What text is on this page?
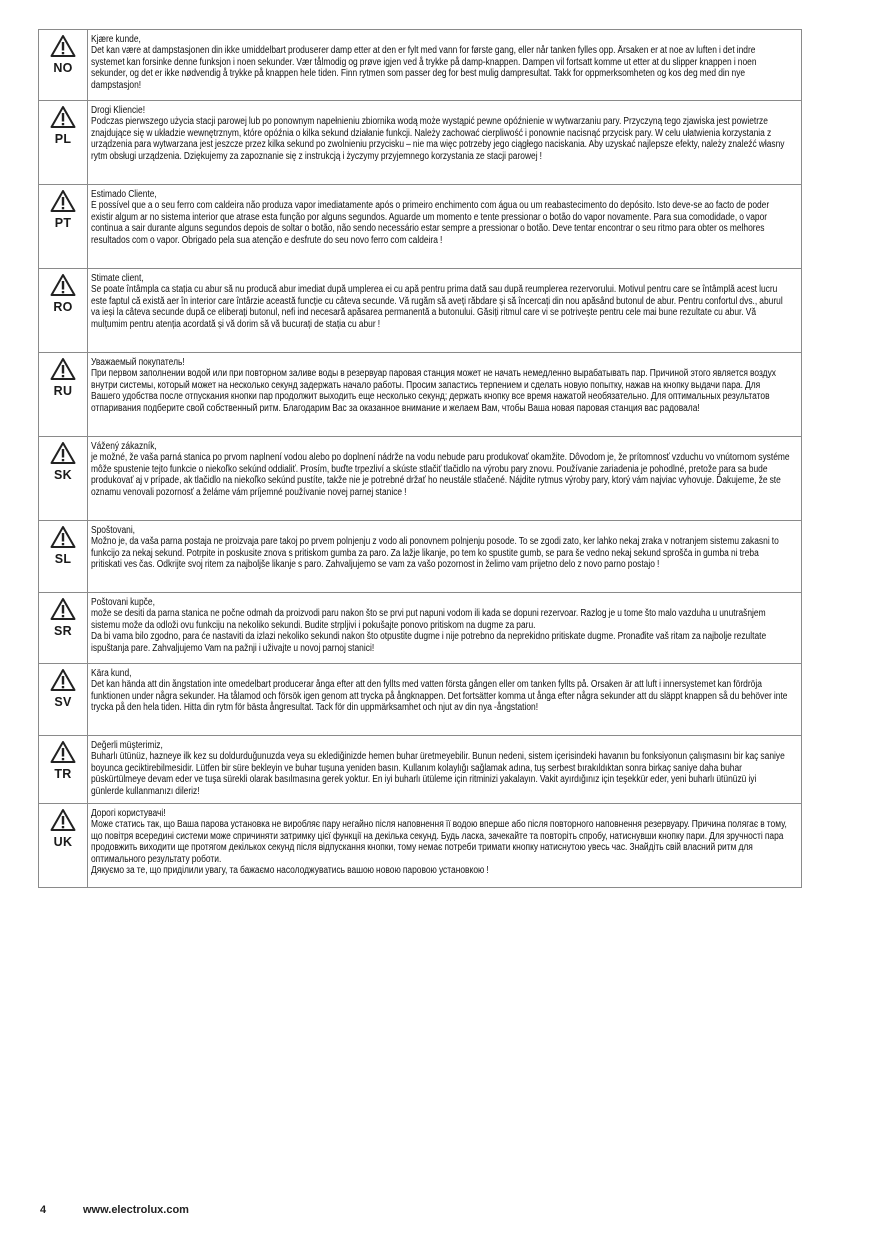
NO	Kjære kunde,
Det kan være at dampstasjonen din ikke umiddelbart produserer damp etter at den er fylt med vann for første gang, eller når tanken fylles opp. Årsaken er at noe av luften i det indre systemet kan forsinke denne funksjon i noen sekunder. Vær tålmodig og prøve igjen ved å trykke på damp-knappen. Dampen vil fortsatt komme ut etter at du slipper knappen i noen sekunder, og det er ikke nødvendig å trykke på knappen hele tiden. Finn rytmen som passer deg for best mulig dampresultat. Takk for oppmerksomheten og kos deg med din nye dampstasjon!

PL	Drogi Kliencie!
Podczas pierwszego użycia stacji parowej lub po ponownym napełnieniu zbiornika wodą może wystąpić pewne opóźnienie w wytwarzaniu pary. Przyczyną tego zjawiska jest powietrze znajdujące się w układzie wewnętrznym, które opóźnia o kilka sekund działanie funkcji. Należy zachować cierpliwość i ponownie nacisnąć przycisk pary. W celu ułatwienia korzystania z urządzenia para wytwarzana jest jeszcze przez kilka sekund po zwolnieniu przycisku – nie ma więc potrzeby jego ciągłego naciskania. Aby uzyskać najlepsze efekty, należy znaleźć własny rytm obsługi urządzenia. Dziękujemy za zapoznanie się z instrukcją i życzymy przyjemnego korzystania ze stacji parowej !

PT	Estimado Cliente,
É possível que a o seu ferro com caldeira não produza vapor imediatamente após o primeiro enchimento com água ou um reabastecimento do depósito. Isto deve-se ao facto de poder existir algum ar no sistema interior que atrase esta função por alguns segundos. Aguarde um momento e tente pressionar o botão do vapor novamente. Para sua comodidade, o vapor continua a sair durante alguns segundos depois de soltar o botão, não sendo necessário estar sempre a pressionar o botão. Deve tentar encontrar o seu ritmo para obter os melhores resultados com o vapor. Obrigado pela sua atenção e desfrute do seu novo ferro com caldeira !

RO	Stimate client,
Se poate întâmpla ca stația cu abur să nu producă abur imediat după umplerea ei cu apă pentru prima dată sau după reumplerea rezervorului. Motivul pentru care se întâmplă acest lucru este faptul că există aer în interior care întârzie această funcție cu câteva secunde. Vă rugăm să aveți răbdare și să încercați din nou apăsând butonul de abur. Pentru confortul dvs., aburul va ieși la câteva secunde după ce eliberați butonul, nefi ind necesară apăsarea permanentă a butonului. Găsiți ritmul care vi se potrivește pentru cele mai bune rezultate cu abur. Vă mulțumim pentru atenția acordată și vă dorim să vă bucurați de stația cu abur !

RU	Уважаемый покупатель!
При первом заполнении водой или при повторном заливе воды в резервуар паровая станция может не начать немедленно вырабатывать пар. Причиной этого является воздух внутри системы, который может на несколько секунд задержать начало работы. Просим запастись терпением и сделать новую попытку, нажав на кнопку выдачи пара. Для Вашего удобства после отпускания кнопки пар продолжит выходить еще несколько секунд; держать кнопку все время нажатой необязательно. Для оптимальных результатов отпаривания подберите свой собственный ритм. Благодарим Вас за оказанное внимание и желаем Вам, чтобы Ваша новая паровая станция вас радовала!

SK	Vážený zákazník,
je možné, že vaša parná stanica po prvom naplnení vodou alebo po doplnení nádrže na vodu nebude paru produkovať okamžite. Dôvodom je, že prítomnosť vzduchu vo vnútornom systéme môže spustenie tejto funkcie o niekoľko sekúnd oddialiť. Prosím, buďte trpezliví a skúste stlačiť tlačidlo na výrobu pary znovu. Používanie zariadenia je pohodlné, pretože para sa bude produkovať aj v prípade, ak tlačidlo na niekoľko sekúnd pustíte, takže nie je potrebné držať ho neustále stlačené. Nájdite rytmus výroby pary, ktorý vám najviac vyhovuje. Ďakujeme, že ste oznamu venovali pozornosť a želáme vám príjemné používanie novej parnej stanice !

SL	Spoštovani,
Možno je, da vaša parna postaja ne proizvaja pare takoj po prvem polnjenju z vodo ali ponovnem polnjenju posode. To se zgodi zato, ker lahko nekaj zraka v notranjem sistemu zakasni to funkcijo za nekaj sekund. Potrpite in poskusite znova s pritiskom gumba za paro. Za lažje likanje, po tem ko spustite gumb, se para še vedno nekaj sekund sprošča in gumba ni treba pritiskati ves čas. Odkrijte svoj ritem za najboljše likanje s paro. Zahvaljujemo se vam za vašo pozornost in želimo vam prijetno delo z novo parno postajo !

SR	Poštovani kupče,
može se desiti da parna stanica ne počne odmah da proizvodi paru nakon što se prvi put napuni vodom ili kada se dopuni rezervoar. Razlog je u tome što malo vazduha u unutrašnjem sistemu može da odloži ovu funkciju na nekoliko sekundi. Budite strpljivi i pokušajte ponovo pritiskom na dugme za paru.
Da bi vama bilo zgodno, para će nastaviti da izlazi nekoliko sekundi nakon što otpustite dugme i nije potrebno da neprekidno pritiskate dugme. Pronađite vaš ritam za najbolje rezultate ispuštanja pare. Zahvaljujemo Vam na pažnji i uživajte u novoj parnoj stanici!

SV	Kära kund,
Det kan hända att din ångstation inte omedelbart producerar ånga efter att den fyllts med vatten första gången eller om tanken fyllts på. Orsaken är att luft i innersystemet kan fördröja funktionen under några sekunder. Ha tålamod och försök igen genom att trycka på ångknappen. Det fortsätter komma ut ånga efter några sekunder att du släppt knappen så du behöver inte trycka på den hela tiden. Hitta din rytm för bästa ångresultat. Tack för din uppmärksamhet och njut av din nya -ångstation!

TR	Değerli müşterimiz,
Buharlı ütünüz, hazneye ilk kez su doldurduğunuzda veya su eklediğinizde hemen buhar üretmeyebilir. Bunun nedeni, sistem içerisindeki havanın bu fonksiyonun çalışmasını bir kaç saniye boyunca geciktirebilmesidir. Lütfen bir süre bekleyin ve buhar tuşuna yeniden basın. Kullanım kolaylığı sağlamak adına, tuş serbest bırakıldıktan sonra birkaç saniye daha buhar püskürtülmeye devam eder ve tuşa sürekli olarak basılmasına gerek yoktur. En iyi buharlı ütüleme için ritminizi yakalayın. Vakit ayırdığınız için teşekkür eder, yeni buharlı ütünüzü iyi günlerde kullanmanızı dileriz!

UK	Дорогі користувачі!
Може статись так, що Ваша парова установка не виробляє пару негайно після наповнення її водою вперше або після повторного наповнення резервуару. Причина полягає в тому, що повітря всередині системи може спричиняти затримку цієї функції на декілька секунд. Будь ласка, зачекайте та повторіть спробу, натиснувши кнопку пари. Для зручності пара продовжить виходити ще протягом декількох секунд після відпускання кнопки, тому немає потреби тримати кнопку натиснутою увесь час. Знайдіть свій власний ритм для оптимального результату роботи.
Дякуємо за те, що приділили увагу, та бажаємо насолоджуватись вашою новою паровою установкою !
4	www.electrolux.com
